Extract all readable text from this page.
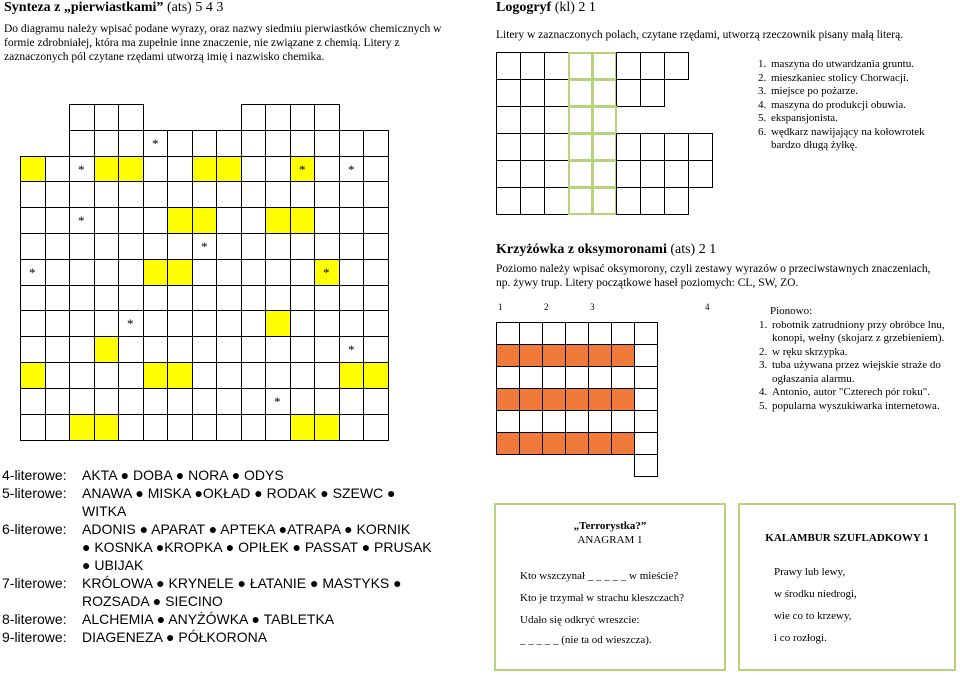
Synteza z „pierwiastkami” (ats) 5 4 3
Do diagramu należy wpisać podane wyrazy, oraz nazwy siedmiu pierwiastków chemicznych w formie zdrobniałej, która ma zupełnie inne znaczenie, nie związane z chemią. Litery z zaznaczonych pól czytane rzędami utworzą imię i nazwisko chemika.
*
*	*	*
*
*
*	*
*
*
*
4-literowe: AKTA ● DOBA ● NORA ● ODYS
5-literowe: ANAWA ● MISKA ●OKŁAD ● RODAK ● SZEWC ●
WITKA
6-literowe: ADONIS ● APARAT ● APTEKA ●ATRAPA ● KORNIK
● KOSNKA ●KROPKA ● OPIŁEK ● PASSAT ● PRUSAK
● UBIJAK
7-literowe: KRÓLOWA ● KRYNELE ● ŁATANIE ● MASTYKS ●
ROZSADA ● SIECINO
8-literowe: ALCHEMIA ● ANYŻÓWKA ● TABLETKA
9-literowe: DIAGENEZA ● PÓŁKORONA
Logogryf (kl) 2 1
Litery w zaznaczonych polach, czytane rzędami, utworzą rzeczownik pisany małą literą.
1. maszyna do utwardzania gruntu.
2. mieszkaniec stolicy Chorwacji.
3. miejsce po pożarze.
4. maszyna do produkcji obuwia.
5. ekspansjonista.
6. wędkarz nawijający na kołowrotek bardzo długą żyłkę.
Krzyżówka z oksymoronami (ats) 2 1
Poziomo należy wpisać oksymorony, czyli zestawy wyrazów o przeciwstawnych znaczeniach, np. żywy trup. Litery początkowe haseł poziomych: CL, SW, ZO.
1	2	3	4	Pionowo:
1. robotnik zatrudniony przy obróbce lnu, konopi, wełny (skojarz z grzebieniem).
2. w ręku skrzypka.
3. tuba używana przez wiejskie straże do ogłaszania alarmu.
4. Antonio, autor "Czterech pór roku".
5. popularna wyszukiwarka internetowa.
„Terrorystka?”
ANAGRAM 1
Kto wszczynał _ _ _ _ _ w mieście?
Kto je trzymał w strachu kleszczach?
Udało się odkryć wreszcie:
_ _ _ _ _ (nie ta od wieszcza).
KALAMBUR SZUFLADKOWY 1
Prawy lub lewy,
w środku niedrogi,
wie co to krzewy,
i co rozłogi.
